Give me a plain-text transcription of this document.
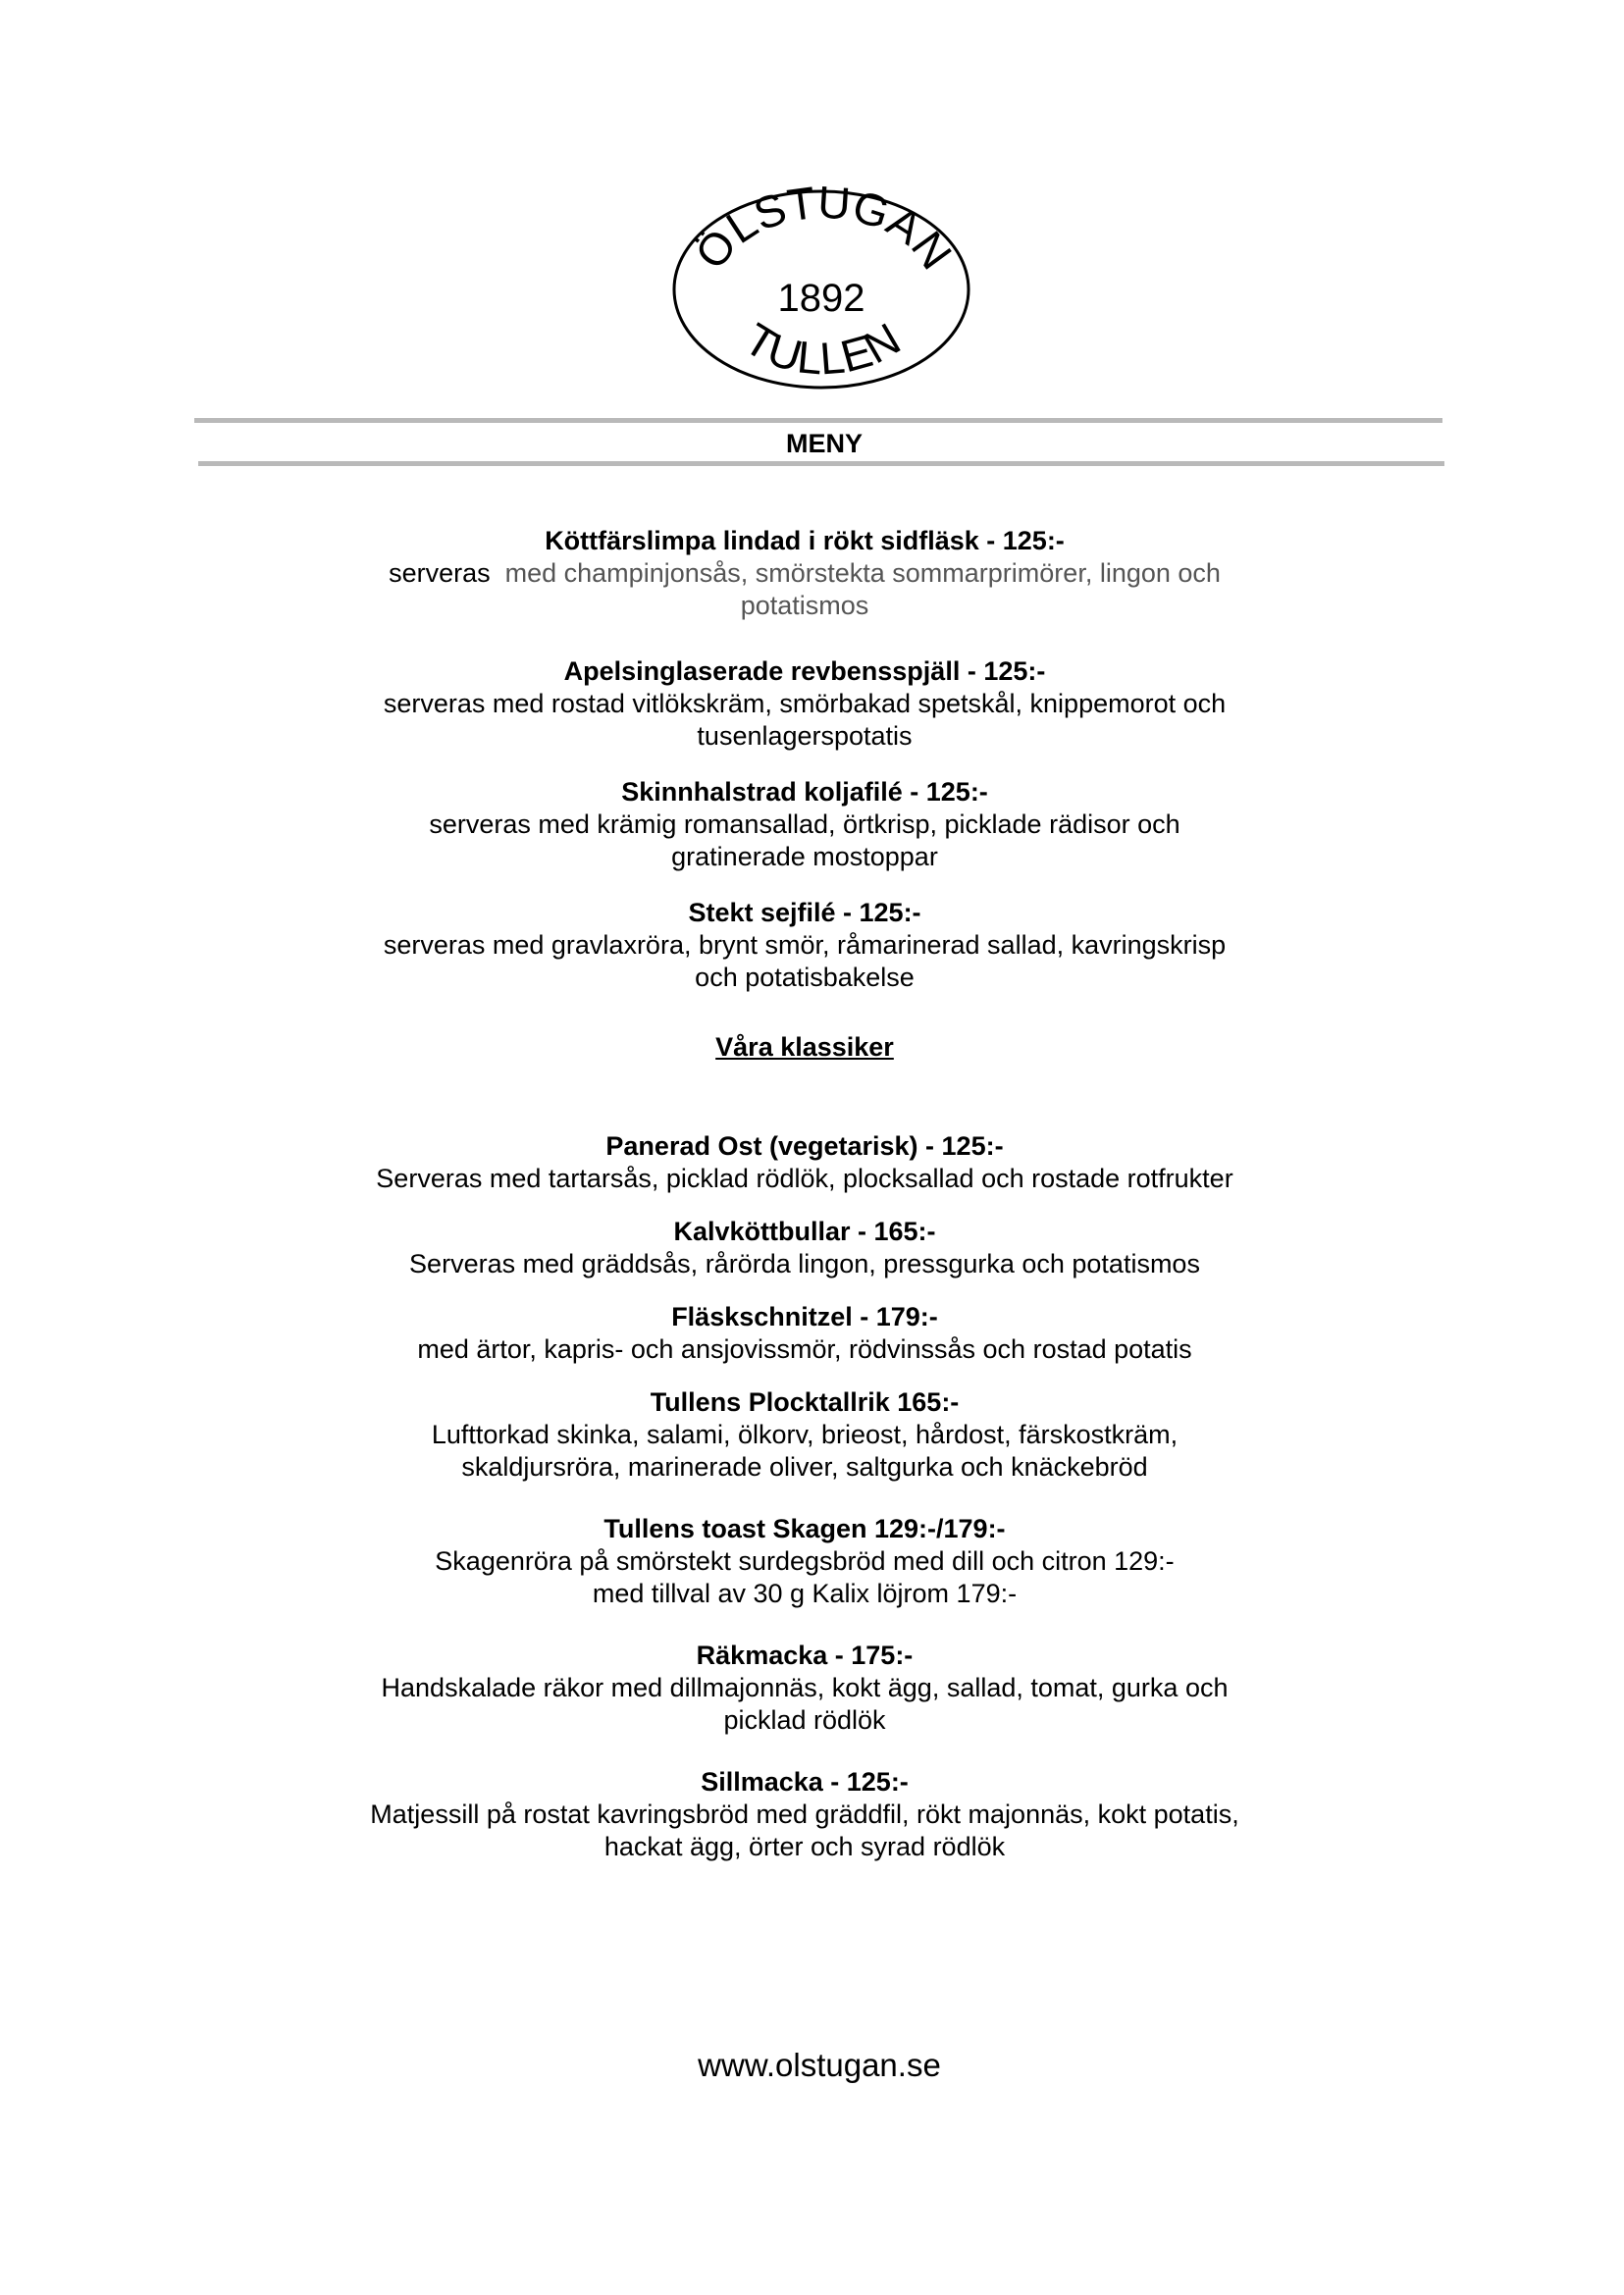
ÖLSTUGAN
1892
TULLEN
MENY
Köttfärslimpa lindad i rökt sidfläsk - 125:-
serveras med champinjonsås, smörstekta sommarprimörer, lingon och
potatismos
Apelsinglaserade revbensspjäll - 125:-
serveras med rostad vitlökskräm, smörbakad spetskål, knippemorot och
tusenlagerspotatis
Skinnhalstrad koljafilé - 125:-
serveras med krämig romansallad, örtkrisp, picklade rädisor och
gratinerade mostoppar
Stekt sejfilé - 125:-
serveras med gravlaxröra, brynt smör, råmarinerad sallad, kavringskrisp
och potatisbakelse
Våra klassiker
Panerad Ost (vegetarisk) - 125:-
Serveras med tartarsås, picklad rödlök, plocksallad och rostade rotfrukter
Kalvköttbullar - 165:-
Serveras med gräddsås, rårörda lingon, pressgurka och potatismos
Fläskschnitzel - 179:-
med ärtor, kapris- och ansjovissmör, rödvinssås och rostad potatis
Tullens Plocktallrik 165:-
Lufttorkad skinka, salami, ölkorv, brieost, hårdost, färskostkräm,
skaldjursröra, marinerade oliver, saltgurka och knäckebröd
Tullens toast Skagen 129:-/179:-
Skagenröra på smörstekt surdegsbröd med dill och citron 129:-
med tillval av 30 g Kalix löjrom 179:-
Räkmacka - 175:-
Handskalade räkor med dillmajonnäs, kokt ägg, sallad, tomat, gurka och
picklad rödlök
Sillmacka - 125:-
Matjessill på rostat kavringsbröd med gräddfil, rökt majonnäs, kokt potatis,
hackat ägg, örter och syrad rödlök
www.olstugan.se
